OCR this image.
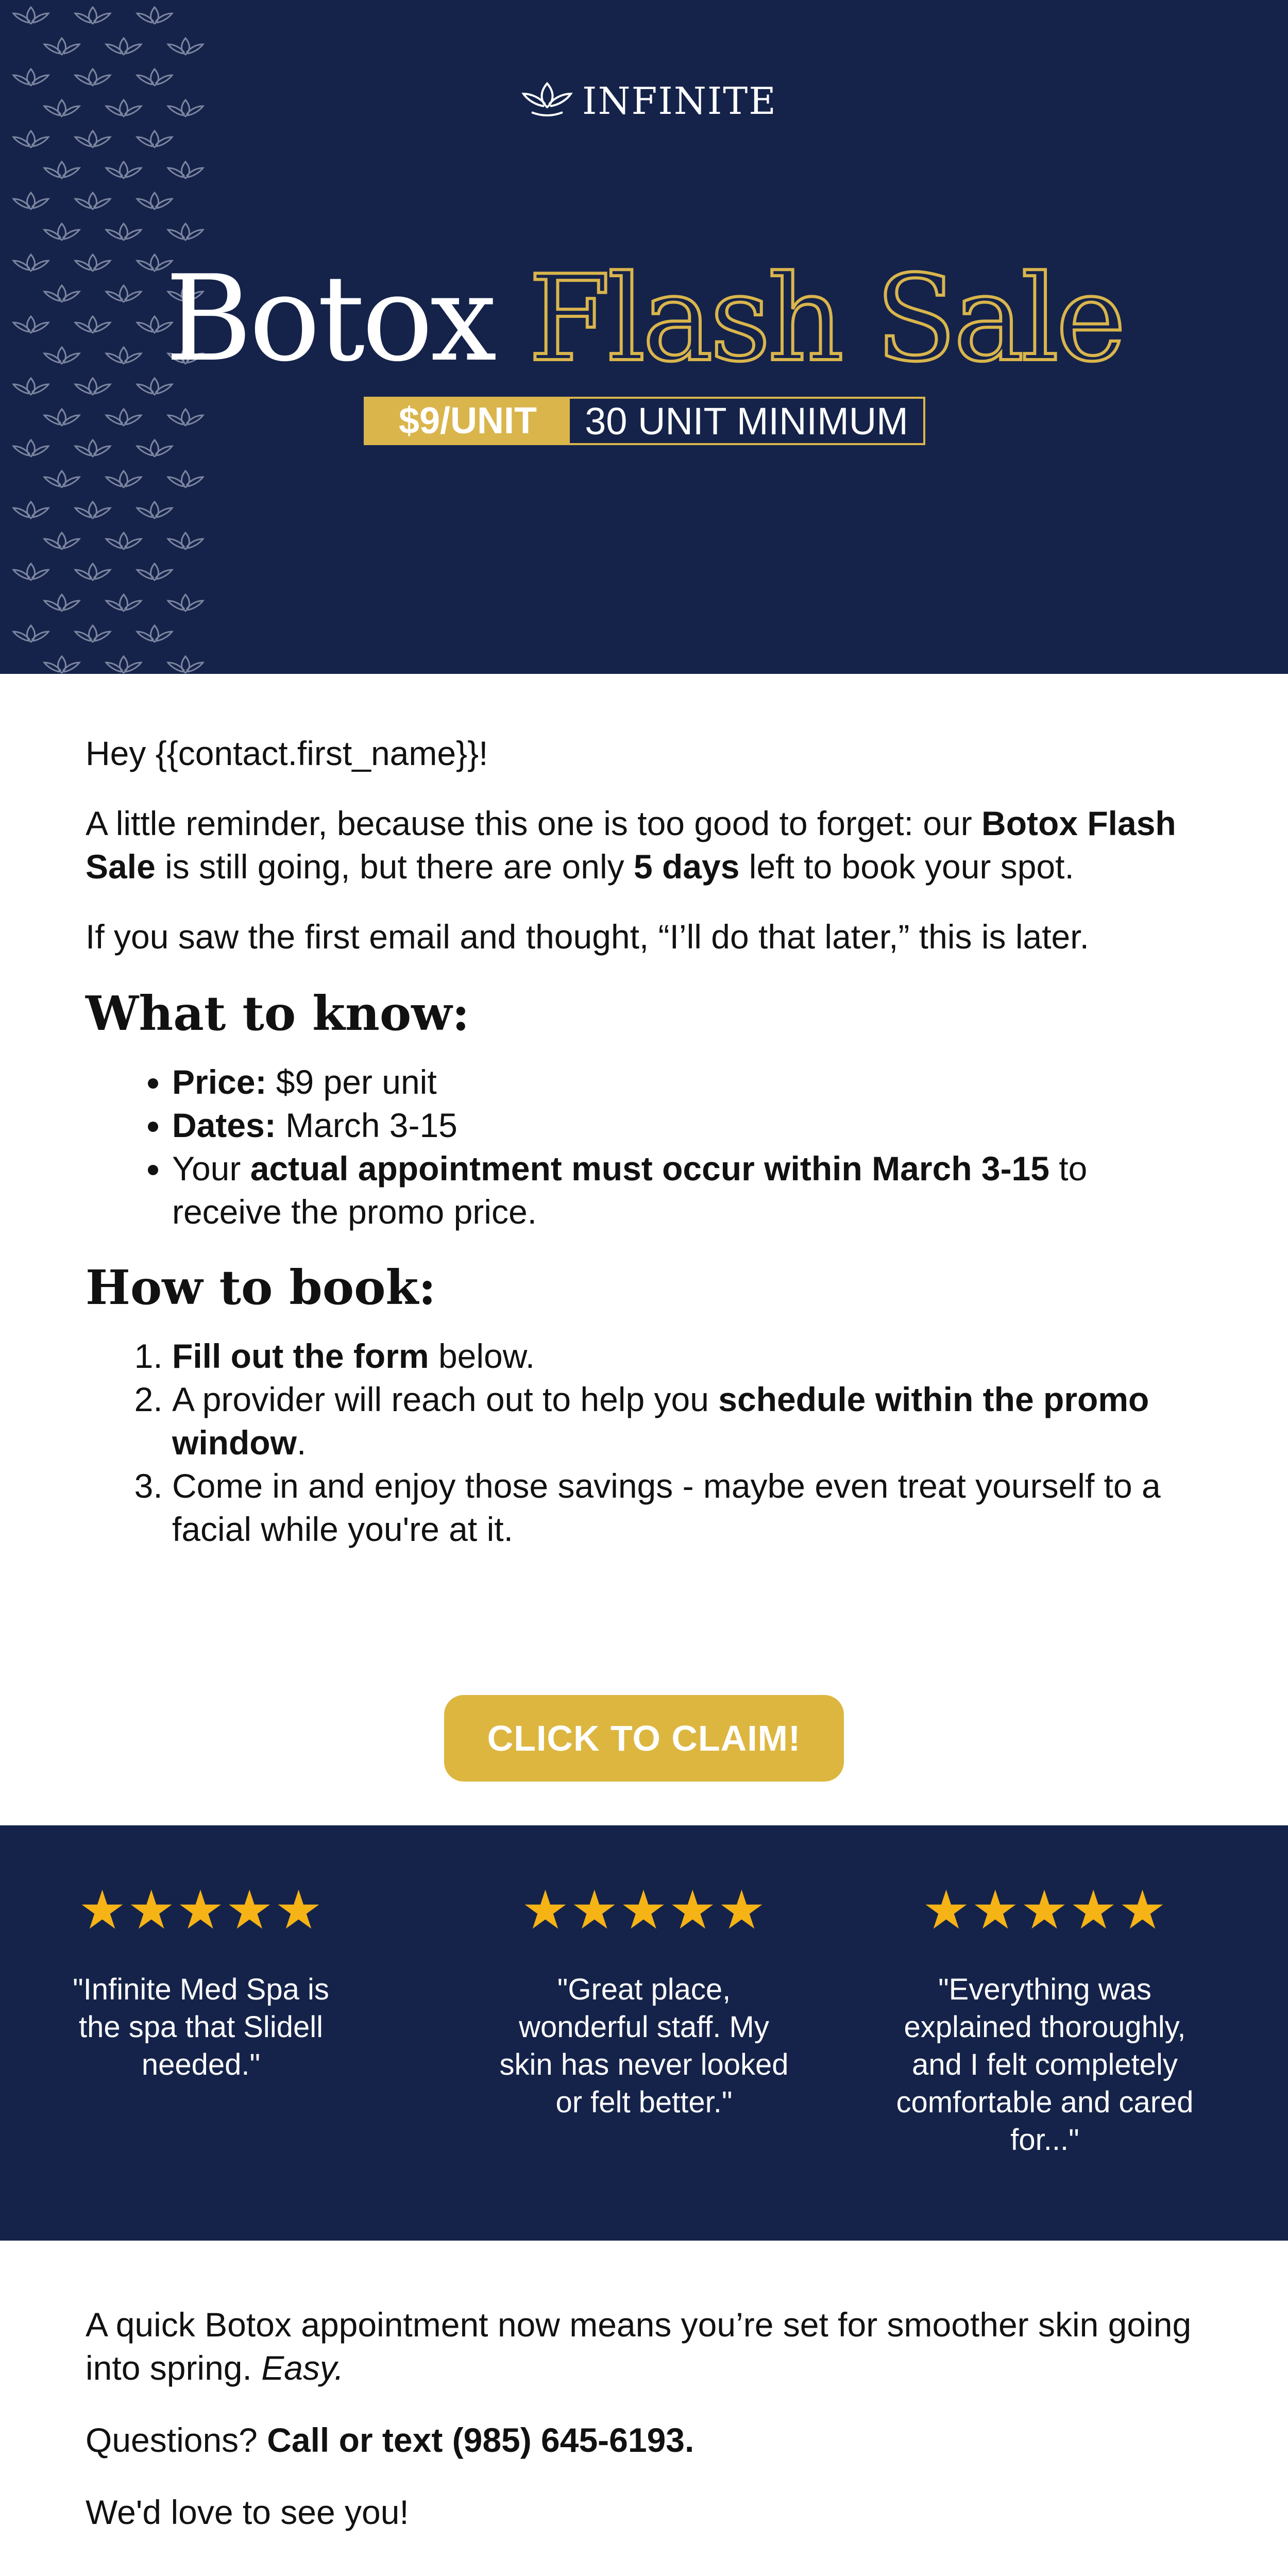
INFINITE
Botox Flash Sale
$9/UNIT	30 UNIT MINIMUM

Hey {{contact.first_name}}!

A little reminder, because this one is too good to forget: our Botox Flash Sale is still going, but there are only 5 days left to book your spot.

If you saw the first email and thought, “I’ll do that later,” this is later.

What to know:
• Price: $9 per unit
• Dates: March 3-15
• Your actual appointment must occur within March 3-15 to receive the promo price.
How to book:
1. Fill out the form below.
2. A provider will reach out to help you schedule within the promo window.
3. Come in and enjoy those savings - maybe even treat yourself to a facial while you're at it.
CLICK TO CLAIM!
★★★★★
"Infinite Med Spa is the spa that Slidell needed."
★★★★★
"Great place, wonderful staff. My skin has never looked or felt better."
★★★★★
"Everything was explained thoroughly, and I felt completely comfortable and cared for..."

A quick Botox appointment now means you’re set for smoother skin going into spring. Easy.

Questions? Call or text (985) 645-6193.

We'd love to see you!
